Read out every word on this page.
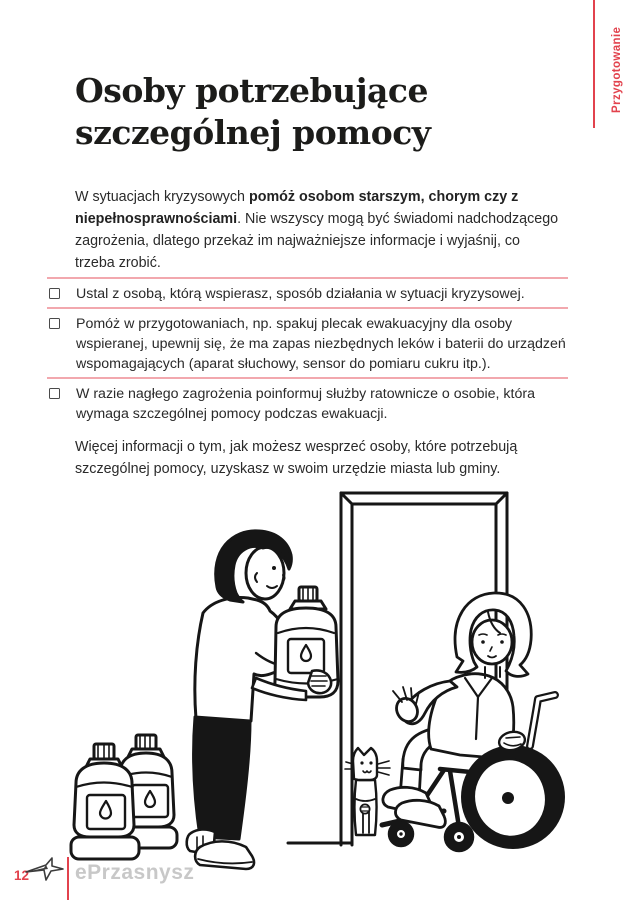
Przygotowanie
Osoby potrzebujące
szczególnej pomocy

W sytuacjach kryzysowych pomóż osobom starszym, chorym czy z niepełnosprawnościami. Nie wszyscy mogą być świadomi nadchodzącego zagrożenia, dlatego przekaż im najważniejsze informacje i wyjaśnij, co trzeba zrobić.

Ustal z osobą, którą wspierasz, sposób działania w sytuacji kryzysowej.
Pomóż w przygotowaniach, np. spakuj plecak ewakuacyjny dla osoby wspieranej, upewnij się, że ma zapas niezbędnych leków i baterii do urządzeń wspomagających (aparat słuchowy, sensor do pomiaru cukru itp.).
W razie nagłego zagrożenia poinformuj służby ratownicze o osobie, która wymaga szczególnej pomocy podczas ewakuacji.

Więcej informacji o tym, jak możesz wesprzeć osoby, które potrzebują szczególnej pomocy, uzyskasz w swoim urzędzie miasta lub gminy.

12 ePrzasnysz
